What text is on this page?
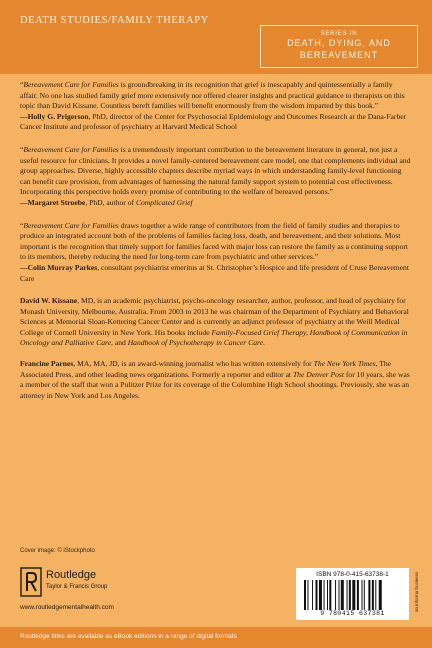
DEATH STUDIES/FAMILY THERAPY
SERIES IN
DEATH, DYING, AND
BEREAVEMENT
“Bereavement Care for Families is groundbreaking in its recognition that grief is inescapably and quintessentially a family affair. No one has studied family grief more extensively nor offered clearer insights and practical guidance to therapists on this topic than David Kissane. Countless bereft families will benefit enormously from the wisdom imparted by this book.”
—Holly G. Prigerson, PhD, director of the Center for Psychosocial Epidemiology and Outcomes Research at the Dana-Farber Cancer Institute and professor of psychiatry at Harvard Medical School
“Bereavement Care for Families is a tremendously important contribution to the bereavement literature in general, not just a useful resource for clinicians. It provides a novel family-centered bereavement care model, one that complements individual and group approaches. Diverse, highly accessible chapters describe myriad ways in which understanding family-level functioning can benefit care provision, from advantages of harnessing the natural family support system to potential cost effectiveness. Incorporating this perspective holds every promise of contributing to the welfare of bereaved persons.”
—Margaret Stroebe, PhD, author of Complicated Grief
“Bereavement Care for Families draws together a wide range of contributors from the field of family studies and therapies to produce an integrated account both of the problems of families facing loss, death, and bereavement, and their solutions. Most important is the recognition that timely support for families faced with major loss can restore the family as a continuing support to its members, thereby reducing the need for long-term care from psychiatric and other services.”
—Colin Murray Parkes, consultant psychiatrist emeritus at St. Christopher’s Hospice and life president of Cruse Bereavement Care
David W. Kissane, MD, is an academic psychiatrist, psycho-oncology researcher, author, professor, and head of psychiatry for Monash University, Melbourne, Australia. From 2003 to 2013 he was chairman of the Department of Psychiatry and Behavioral Sciences at Memorial Sloan-Kettering Cancer Center and is currently an adjunct professor of psychiatry at the Weill Medical College of Cornell University in New York. His books include Family-Focused Grief Therapy, Handbook of Communication in Oncology and Palliative Care, and Handbook of Psychotherapy in Cancer Care.
Francine Parnes, MA, MA, JD, is an award-winning journalist who has written extensively for The New York Times, The Associated Press, and other leading news organizations. Formerly a reporter and editor at The Denver Post for 10 years, she was a member of the staff that won a Pulitzer Prize for its coverage of the Columbine High School shootings. Previously, she was an attorney in New York and Los Angeles.
Cover image: © iStockphoto
Routledge
Taylor & Francis Group
www.routledgementalhealth.com
ISBN 978-0-415-63738-1
9 780415 637381
an informa business
Routledge titles are available as eBook editions in a range of digital formats
